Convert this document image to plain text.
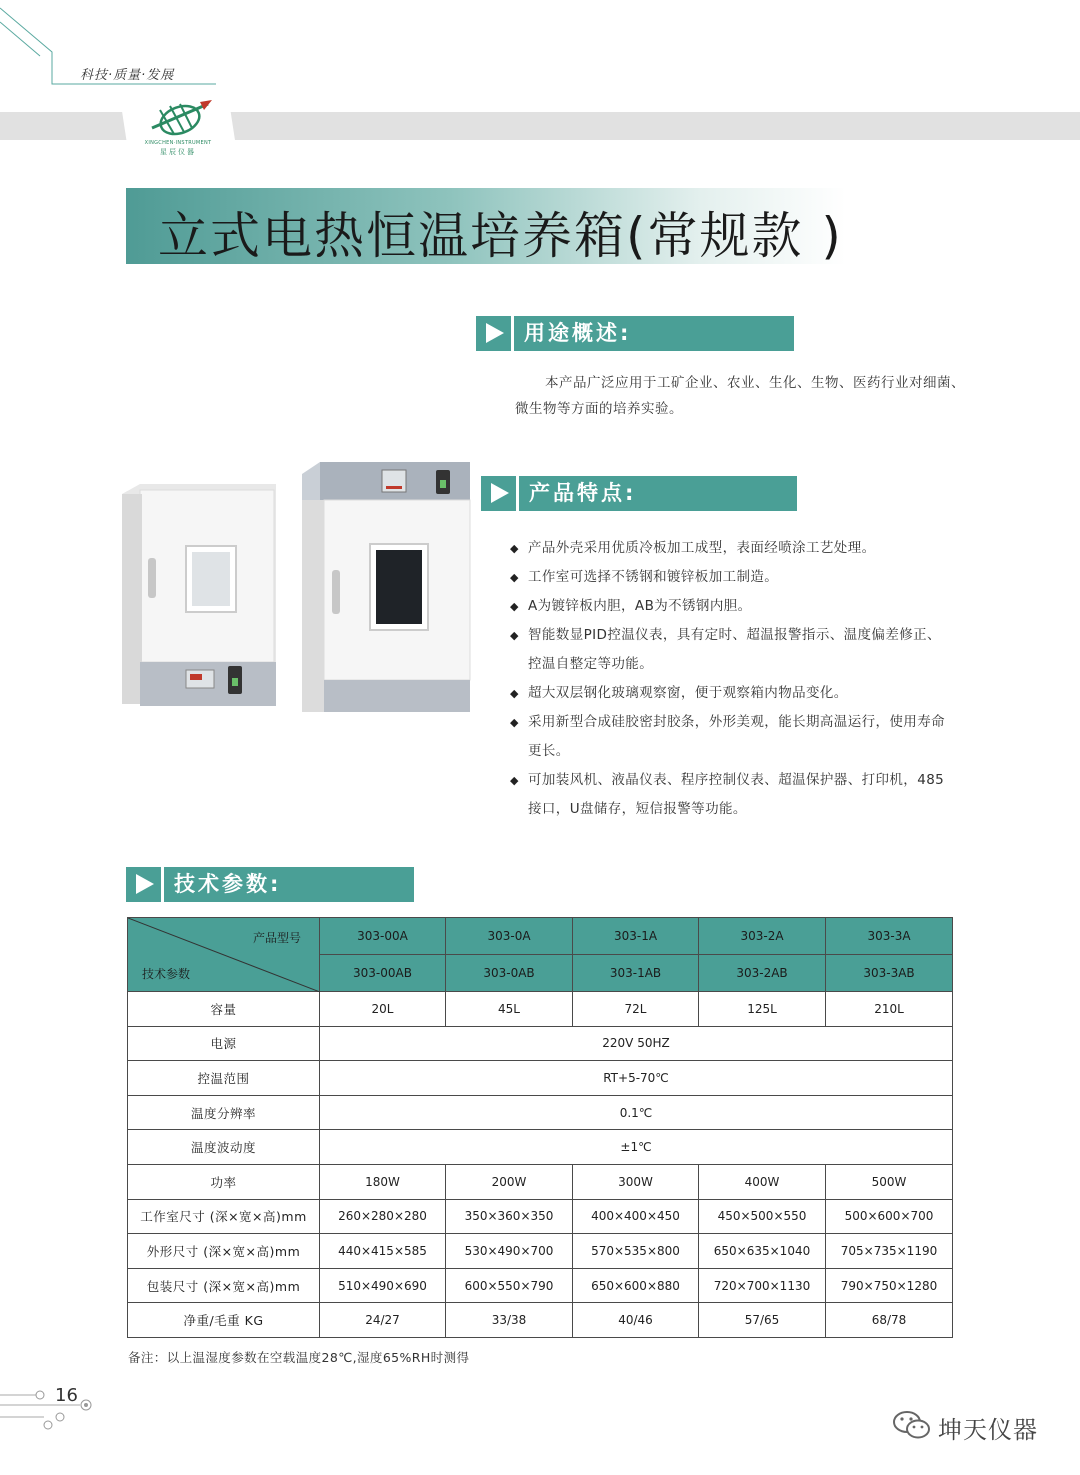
科技·质量·发展
XINGCHEN·INSTRUMENT
星辰仪器
立式电热恒温培养箱(常规款 )
用途概述:
本产品广泛应用于工矿企业、农业、生化、生物、医药行业对细菌、微生物等方面的培养实验。
产品特点:
◆ 产品外壳采用优质冷板加工成型，表面经喷涂工艺处理。
◆ 工作室可选择不锈钢和镀锌板加工制造。
◆ A为镀锌板内胆，AB为不锈钢内胆。
◆ 智能数显PID控温仪表，具有定时、超温报警指示、温度偏差修正、控温自整定等功能。
◆ 超大双层钢化玻璃观察窗，便于观察箱内物品变化。
◆ 采用新型合成硅胶密封胶条，外形美观，能长期高温运行，使用寿命更长。
◆ 可加装风机、液晶仪表、程序控制仪表、超温保护器、打印机，485接口，U盘储存，短信报警等功能。
技术参数:
产品型号
技术参数	303-00A	303-0A	303-1A	303-2A	303-3A
	303-00AB	303-0AB	303-1AB	303-2AB	303-3AB
容量	20L	45L	72L	125L	210L
电源	220V 50HZ				
控温范围	RT+5-70℃				
温度分辨率	0.1℃				
温度波动度	±1℃				
功率	180W	200W	300W	400W	500W
工作室尺寸 (深×宽×高)mm	260×280×280	350×360×350	400×400×450	450×500×550	500×600×700
外形尺寸 (深×宽×高)mm	440×415×585	530×490×700	570×535×800	650×635×1040	705×735×1190
包装尺寸 (深×宽×高)mm	510×490×690	600×550×790	650×600×880	720×700×1130	790×750×1280
净重/毛重 KG	24/27	33/38	40/46	57/65	68/78
备注：以上温湿度参数在空载温度28℃,湿度65%RH时测得
16
坤天仪器
